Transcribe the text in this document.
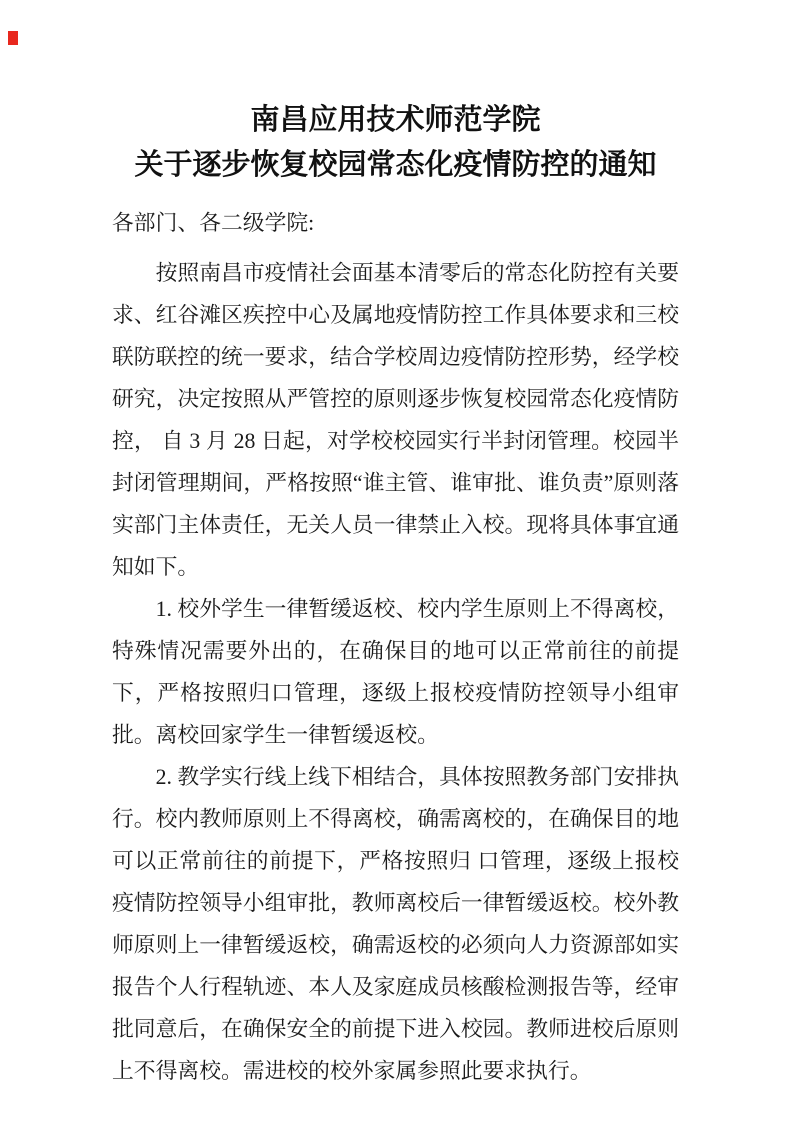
南昌应用技术师范学院
关于逐步恢复校园常态化疫情防控的通知

各部门、各二级学院:

按照南昌市疫情社会面基本清零后的常态化防控有关要求、红谷滩区疾控中心及属地疫情防控工作具体要求和三校联防联控的统一要求，结合学校周边疫情防控形势，经学校研究，决定按照从严管控的原则逐步恢复校园常态化疫情防控， 自 3 月 28 日起，对学校校园实行半封闭管理。校园半封闭管理期间，严格按照“谁主管、谁审批、谁负责”原则落实部门主体责任，无关人员一律禁止入校。现将具体事宜通知如下。

1. 校外学生一律暂缓返校、校内学生原则上不得离校，特殊情况需要外出的，在确保目的地可以正常前往的前提下，严格按照归口管理，逐级上报校疫情防控领导小组审批。离校回家学生一律暂缓返校。

2. 教学实行线上线下相结合，具体按照教务部门安排执行。校内教师原则上不得离校，确需离校的，在确保目的地可以正常前往的前提下，严格按照归 口管理，逐级上报校疫情防控领导小组审批，教师离校后一律暂缓返校。校外教师原则上一律暂缓返校，确需返校的必须向人力资源部如实报告个人行程轨迹、本人及家庭成员核酸检测报告等，经审批同意后，在确保安全的前提下进入校园。教师进校后原则上不得离校。需进校的校外家属参照此要求执行。
